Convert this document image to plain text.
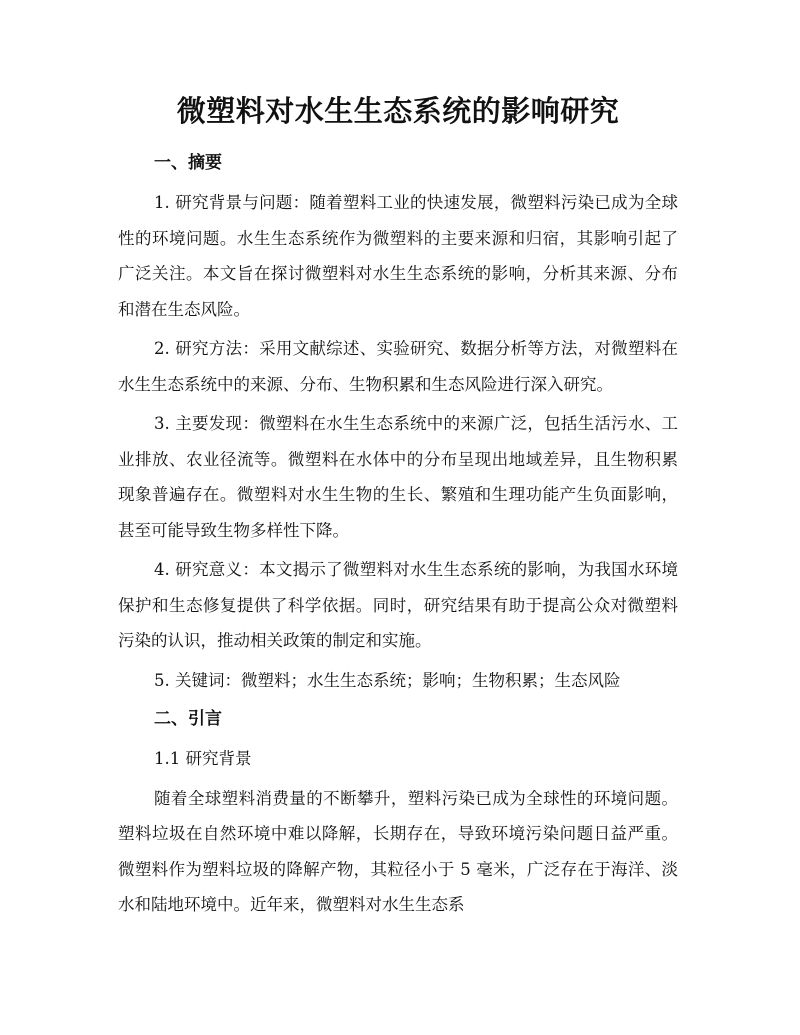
微塑料对水生生态系统的影响研究
一、摘要

1. 研究背景与问题：随着塑料工业的快速发展，微塑料污染已成为全球性的环境问题。水生生态系统作为微塑料的主要来源和归宿，其影响引起了广泛关注。本文旨在探讨微塑料对水生生态系统的影响，分析其来源、分布和潜在生态风险。

2. 研究方法：采用文献综述、实验研究、数据分析等方法，对微塑料在水生生态系统中的来源、分布、生物积累和生态风险进行深入研究。

3. 主要发现：微塑料在水生生态系统中的来源广泛，包括生活污水、工业排放、农业径流等。微塑料在水体中的分布呈现出地域差异，且生物积累现象普遍存在。微塑料对水生生物的生长、繁殖和生理功能产生负面影响，甚至可能导致生物多样性下降。

4. 研究意义：本文揭示了微塑料对水生生态系统的影响，为我国水环境保护和生态修复提供了科学依据。同时，研究结果有助于提高公众对微塑料污染的认识，推动相关政策的制定和实施。

5. 关键词：微塑料；水生生态系统；影响；生物积累；生态风险

二、引言

1.1 研究背景

随着全球塑料消费量的不断攀升，塑料污染已成为全球性的环境问题。塑料垃圾在自然环境中难以降解，长期存在，导致环境污染问题日益严重。微塑料作为塑料垃圾的降解产物，其粒径小于 5 毫米，广泛存在于海洋、淡水和陆地环境中。近年来，微塑料对水生生态系
